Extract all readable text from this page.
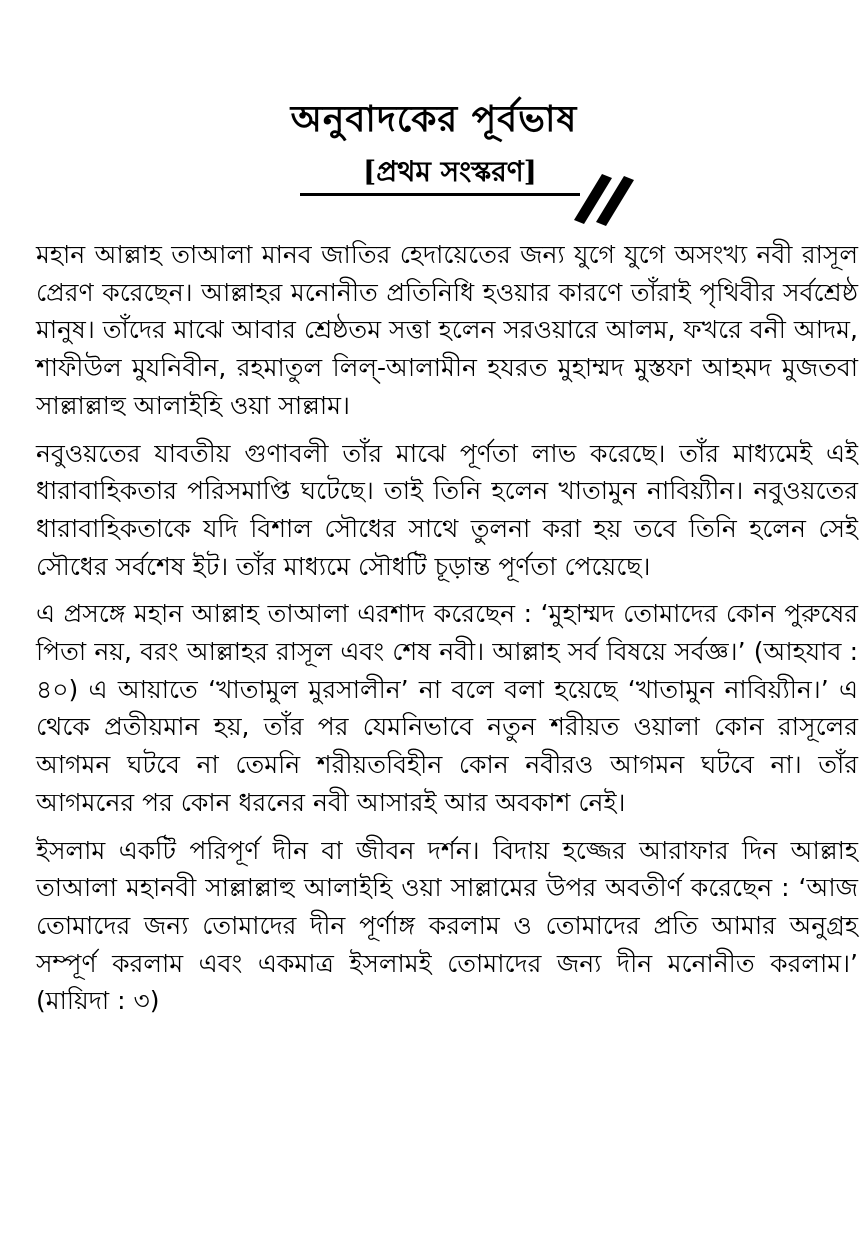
অনুবাদকের পূর্বভাষ
[প্রথম সংস্করণ]

মহান আল্লাহ তাআলা মানব জাতির হেদায়েতের জন্য যুগে যুগে অসংখ্য নবী রাসূল প্রেরণ করেছেন। আল্লাহর মনোনীত প্রতিনিধি হওয়ার কারণে তাঁরাই পৃথিবীর সর্বশ্রেষ্ঠ মানুষ। তাঁদের মাঝে আবার শ্রেষ্ঠতম সত্তা হলেন সরওয়ারে আলম, ফখরে বনী আদম, শাফীউল মুযনিবীন, রহমাতুল লিল্-আলামীন হযরত মুহাম্মদ মুস্তফা আহমদ মুজতবা সাল্লাল্লাহু আলাইহি ওয়া সাল্লাম।

নবুওয়তের যাবতীয় গুণাবলী তাঁর মাঝে পূর্ণতা লাভ করেছে। তাঁর মাধ্যমেই এই ধারাবাহিকতার পরিসমাপ্তি ঘটেছে। তাই তিনি হলেন খাতামুন নাবিয়্যীন। নবুওয়তের ধারাবাহিকতাকে যদি বিশাল সৌধের সাথে তুলনা করা হয় তবে তিনি হলেন সেই সৌধের সর্বশেষ ইট। তাঁর মাধ্যমে সৌধটি চূড়ান্ত পূর্ণতা পেয়েছে।

এ প্রসঙ্গে মহান আল্লাহ তাআলা এরশাদ করেছেন : ‘মুহাম্মদ তোমাদের কোন পুরুষের পিতা নয়, বরং আল্লাহর রাসূল এবং শেষ নবী। আল্লাহ সর্ব বিষয়ে সর্বজ্ঞ।’ (আহযাব : ৪০) এ আয়াতে ‘খাতামুল মুরসালীন’ না বলে বলা হয়েছে ‘খাতামুন নাবিয়্যীন।’ এ থেকে প্রতীয়মান হয়, তাঁর পর যেমনিভাবে নতুন শরীয়ত ওয়ালা কোন রাসূলের আগমন ঘটবে না তেমনি শরীয়তবিহীন কোন নবীরও আগমন ঘটবে না। তাঁর আগমনের পর কোন ধরনের নবী আসারই আর অবকাশ নেই।

ইসলাম একটি পরিপূর্ণ দীন বা জীবন দর্শন। বিদায় হজ্জের আরাফার দিন আল্লাহ তাআলা মহানবী সাল্লাল্লাহু আলাইহি ওয়া সাল্লামের উপর অবতীর্ণ করেছেন : ‘আজ তোমাদের জন্য তোমাদের দীন পূর্ণাঙ্গ করলাম ও তোমাদের প্রতি আমার অনুগ্রহ সম্পূর্ণ করলাম এবং একমাত্র ইসলামই তোমাদের জন্য দীন মনোনীত করলাম।’ (মায়িদা : ৩)
